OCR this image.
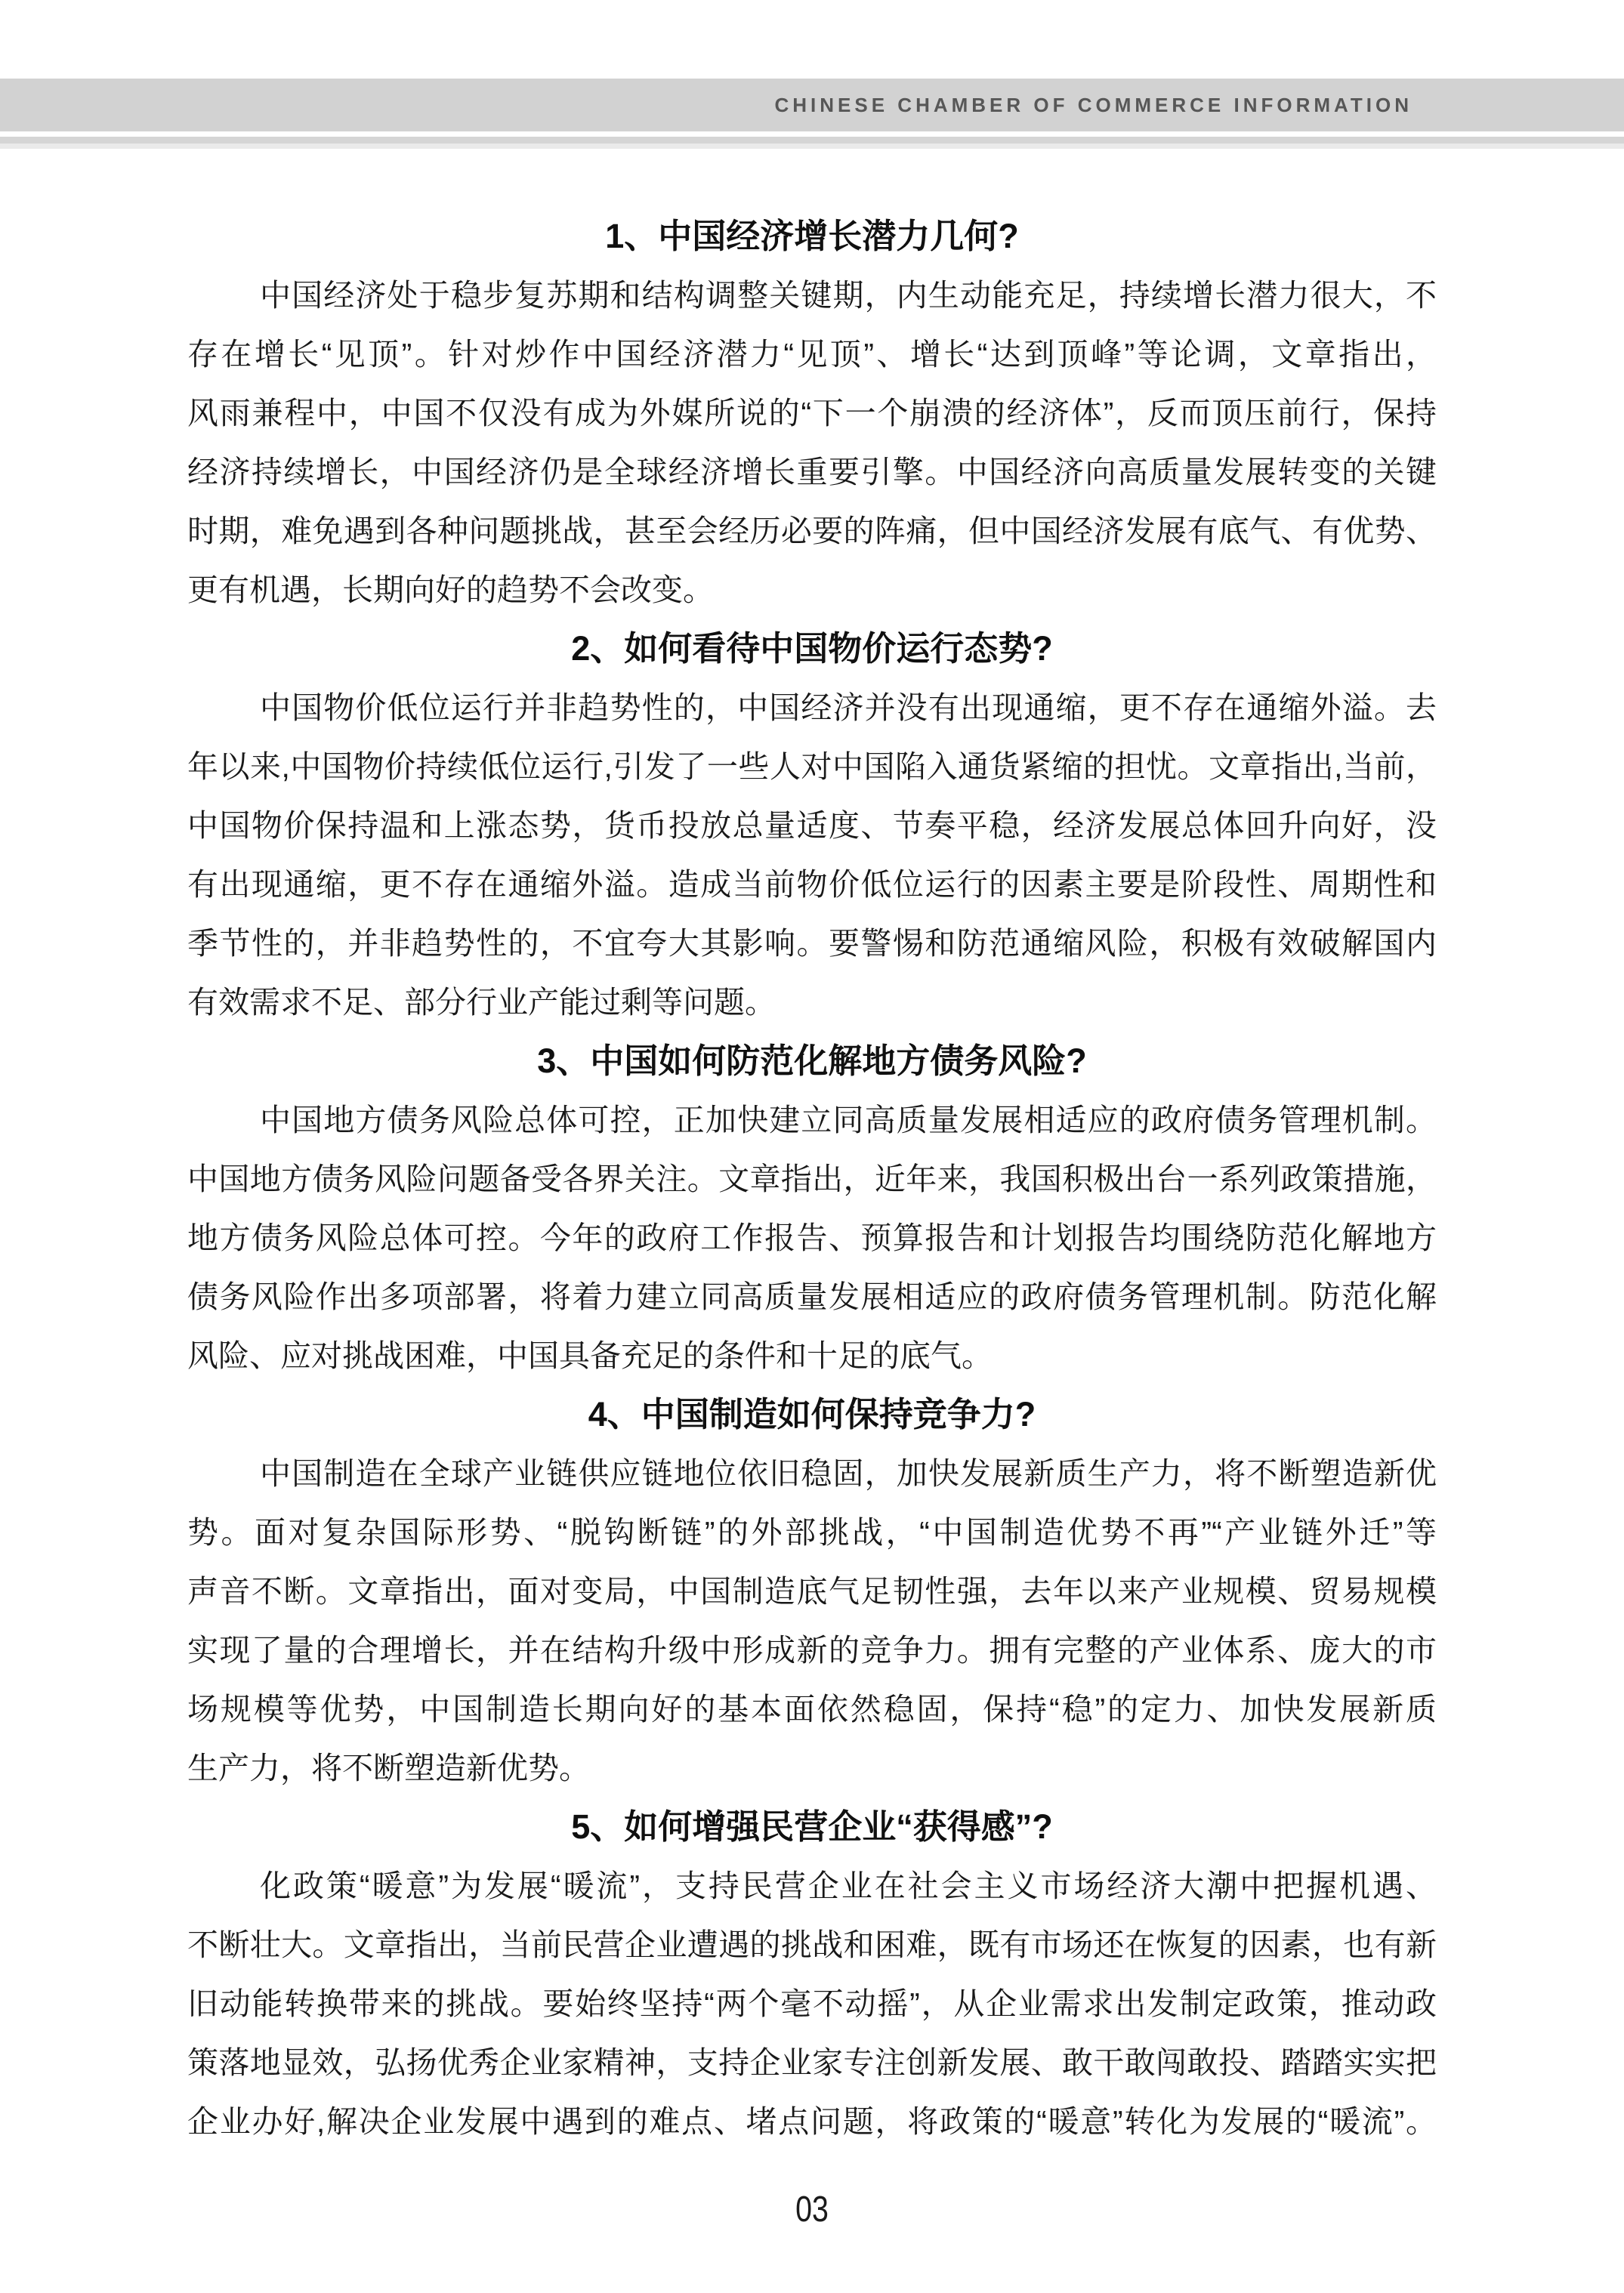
CHINESE CHAMBER OF COMMERCE INFORMATION
1、中国经济增长潜力几何?
中国经济处于稳步复苏期和结构调整关键期，内生动能充足，持续增长潜力很大，不
存在增长“见顶”。针对炒作中国经济潜力“见顶”、增长“达到顶峰”等论调，文章指出，
风雨兼程中，中国不仅没有成为外媒所说的“下一个崩溃的经济体”，反而顶压前行，保持
经济持续增长，中国经济仍是全球经济增长重要引擎。中国经济向高质量发展转变的关键
时期，难免遇到各种问题挑战，甚至会经历必要的阵痛，但中国经济发展有底气、有优势、
更有机遇，长期向好的趋势不会改变。
2、如何看待中国物价运行态势?
中国物价低位运行并非趋势性的，中国经济并没有出现通缩，更不存在通缩外溢。去
年以来,中国物价持续低位运行,引发了一些人对中国陷入通货紧缩的担忧。文章指出,当前，
中国物价保持温和上涨态势，货币投放总量适度、节奏平稳，经济发展总体回升向好，没
有出现通缩，更不存在通缩外溢。造成当前物价低位运行的因素主要是阶段性、周期性和
季节性的，并非趋势性的，不宜夸大其影响。要警惕和防范通缩风险，积极有效破解国内
有效需求不足、部分行业产能过剩等问题。
3、中国如何防范化解地方债务风险?
中国地方债务风险总体可控，正加快建立同高质量发展相适应的政府债务管理机制。
中国地方债务风险问题备受各界关注。文章指出，近年来，我国积极出台一系列政策措施，
地方债务风险总体可控。今年的政府工作报告、预算报告和计划报告均围绕防范化解地方
债务风险作出多项部署，将着力建立同高质量发展相适应的政府债务管理机制。防范化解
风险、应对挑战困难，中国具备充足的条件和十足的底气。
4、中国制造如何保持竞争力?
中国制造在全球产业链供应链地位依旧稳固，加快发展新质生产力，将不断塑造新优
势。面对复杂国际形势、“脱钩断链”的外部挑战，“中国制造优势不再”“产业链外迁”等
声音不断。文章指出，面对变局，中国制造底气足韧性强，去年以来产业规模、贸易规模
实现了量的合理增长，并在结构升级中形成新的竞争力。拥有完整的产业体系、庞大的市
场规模等优势，中国制造长期向好的基本面依然稳固，保持“稳”的定力、加快发展新质
生产力，将不断塑造新优势。
5、如何增强民营企业“获得感”?
化政策“暖意”为发展“暖流”，支持民营企业在社会主义市场经济大潮中把握机遇、
不断壮大。文章指出，当前民营企业遭遇的挑战和困难，既有市场还在恢复的因素，也有新
旧动能转换带来的挑战。要始终坚持“两个毫不动摇”，从企业需求出发制定政策，推动政
策落地显效，弘扬优秀企业家精神，支持企业家专注创新发展、敢干敢闯敢投、踏踏实实把
企业办好,解决企业发展中遇到的难点、堵点问题，将政策的“暖意”转化为发展的“暖流”。
03
